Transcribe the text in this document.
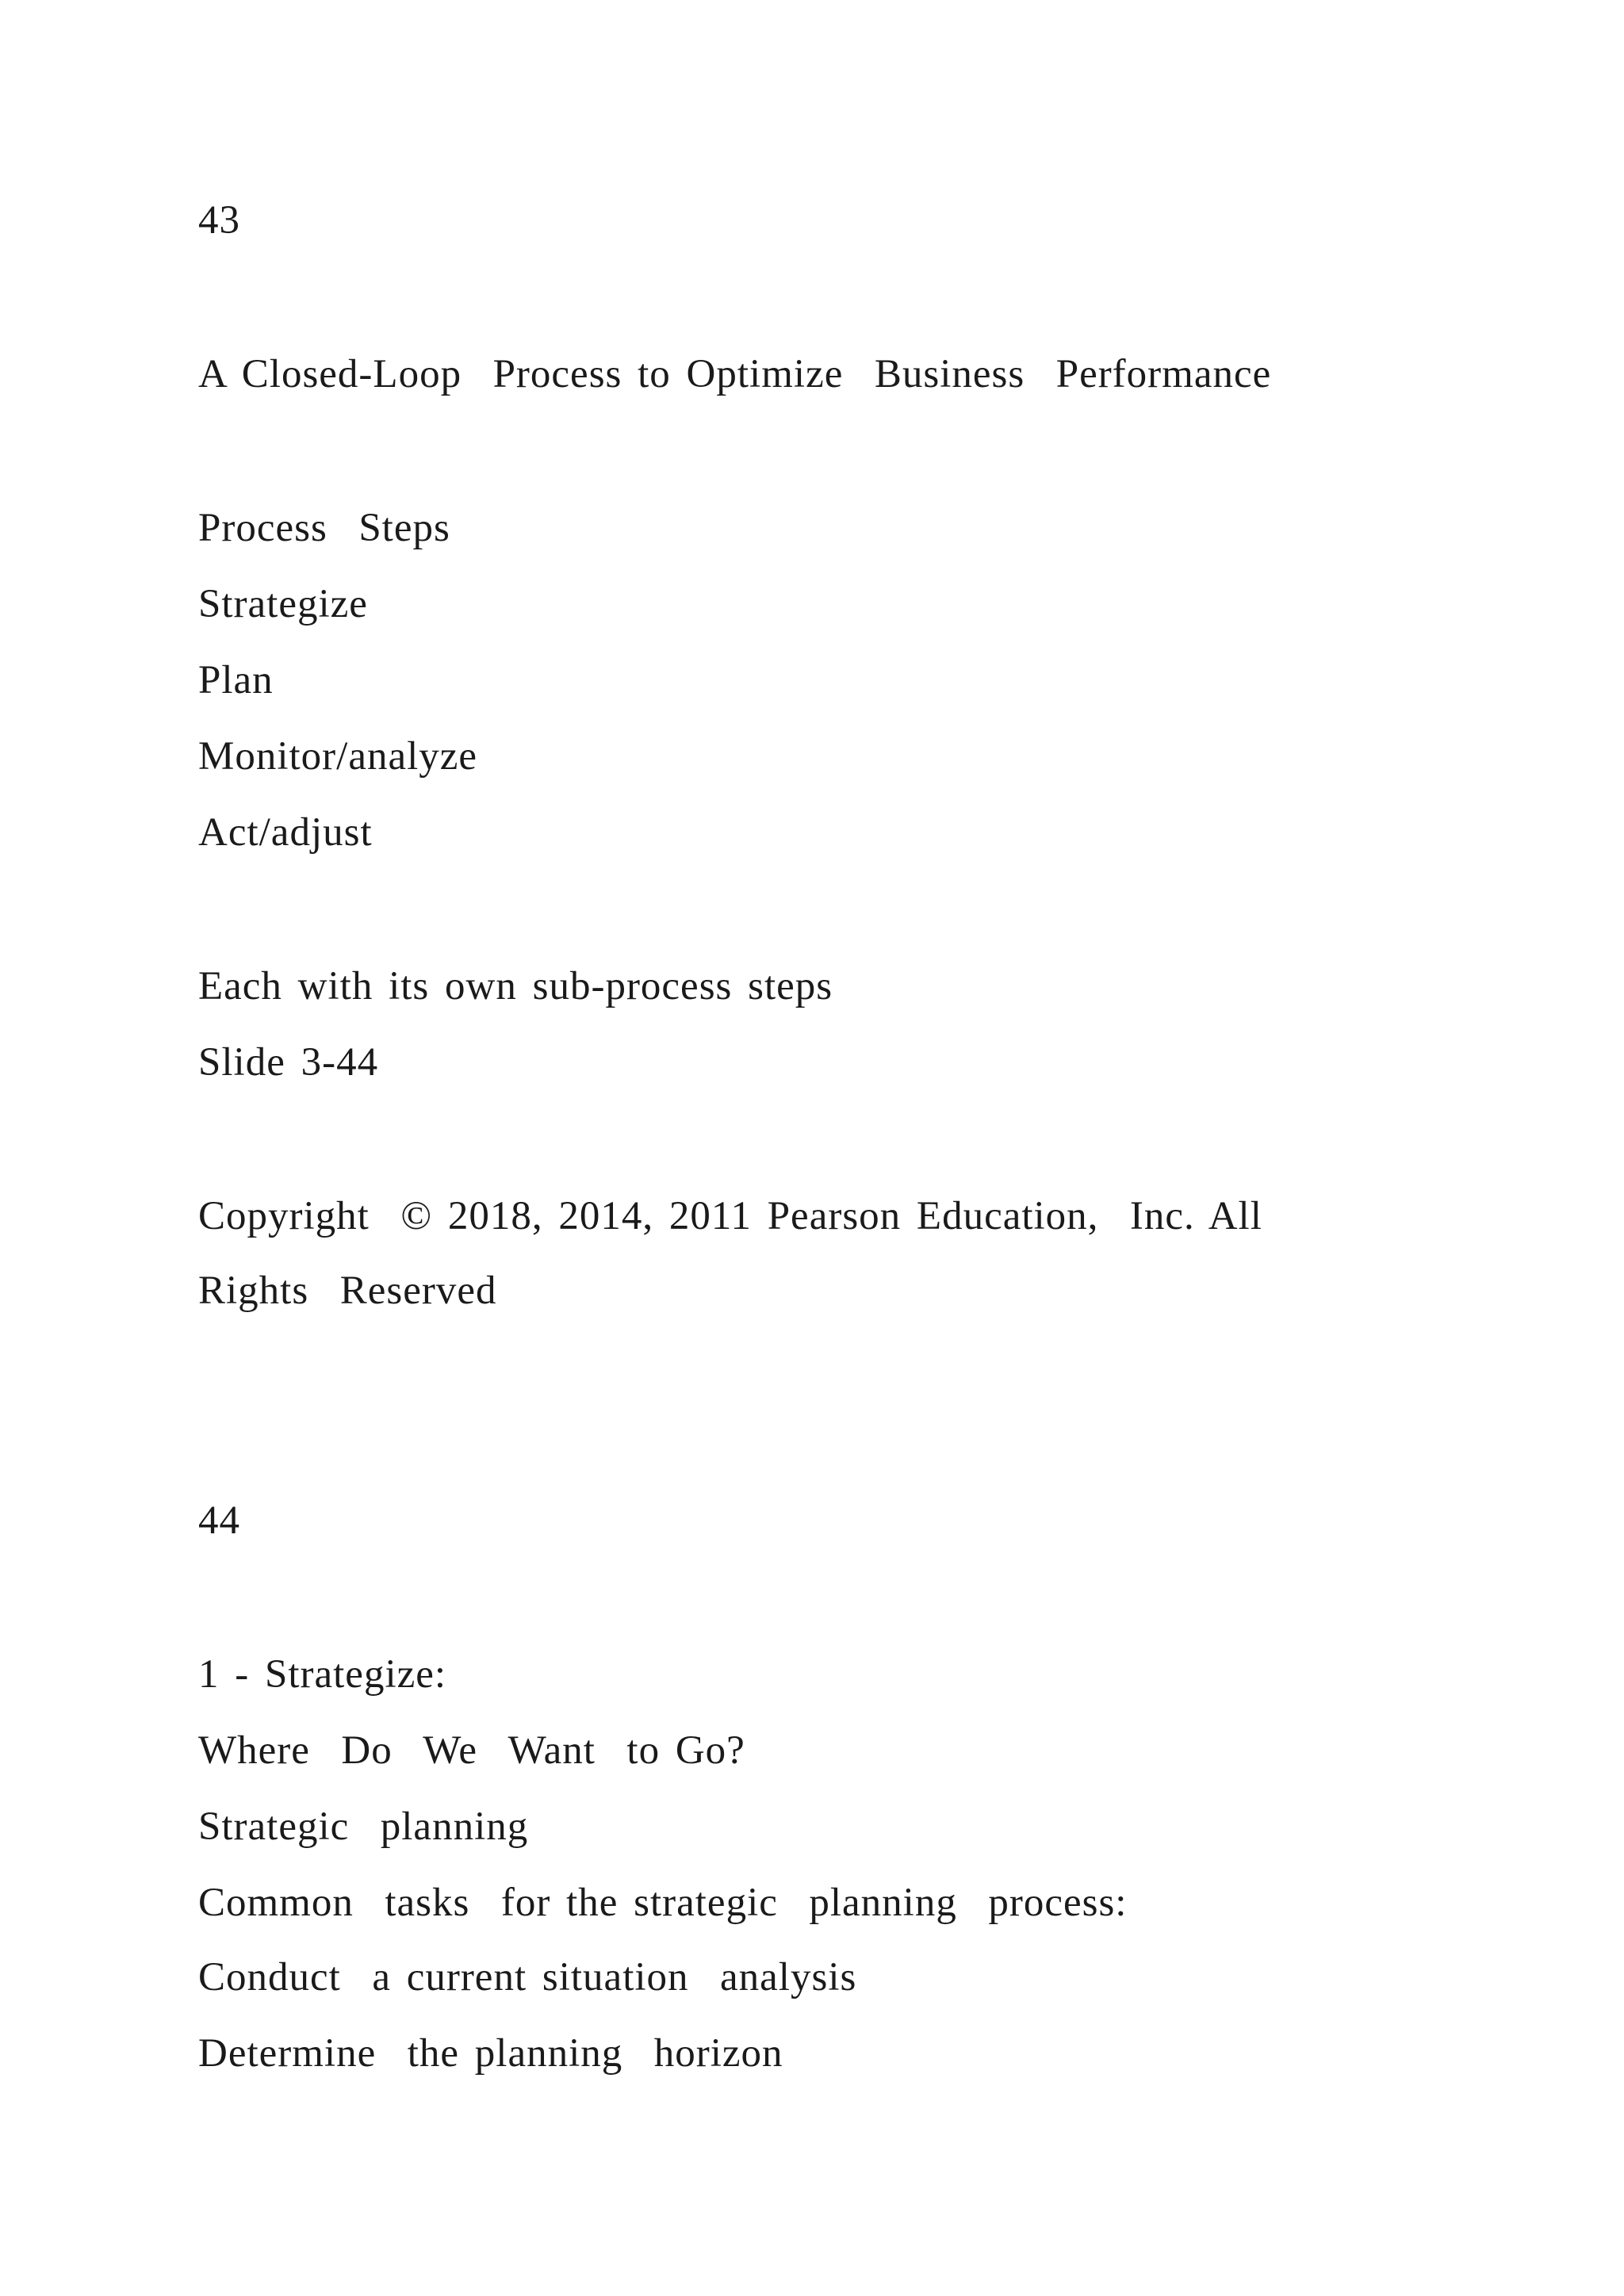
43
A Closed-Loop  Process to Optimize  Business  Performance
Process  Steps
Strategize
Plan
Monitor/analyze
Act/adjust
Each with its own sub-process steps
Slide 3-44
Copyright  © 2018, 2014, 2011 Pearson Education,  Inc. All
Rights  Reserved
44
1 - Strategize:
Where  Do  We  Want  to Go?
Strategic  planning
Common  tasks  for the strategic  planning  process:
Conduct  a current situation  analysis
Determine  the planning  horizon
